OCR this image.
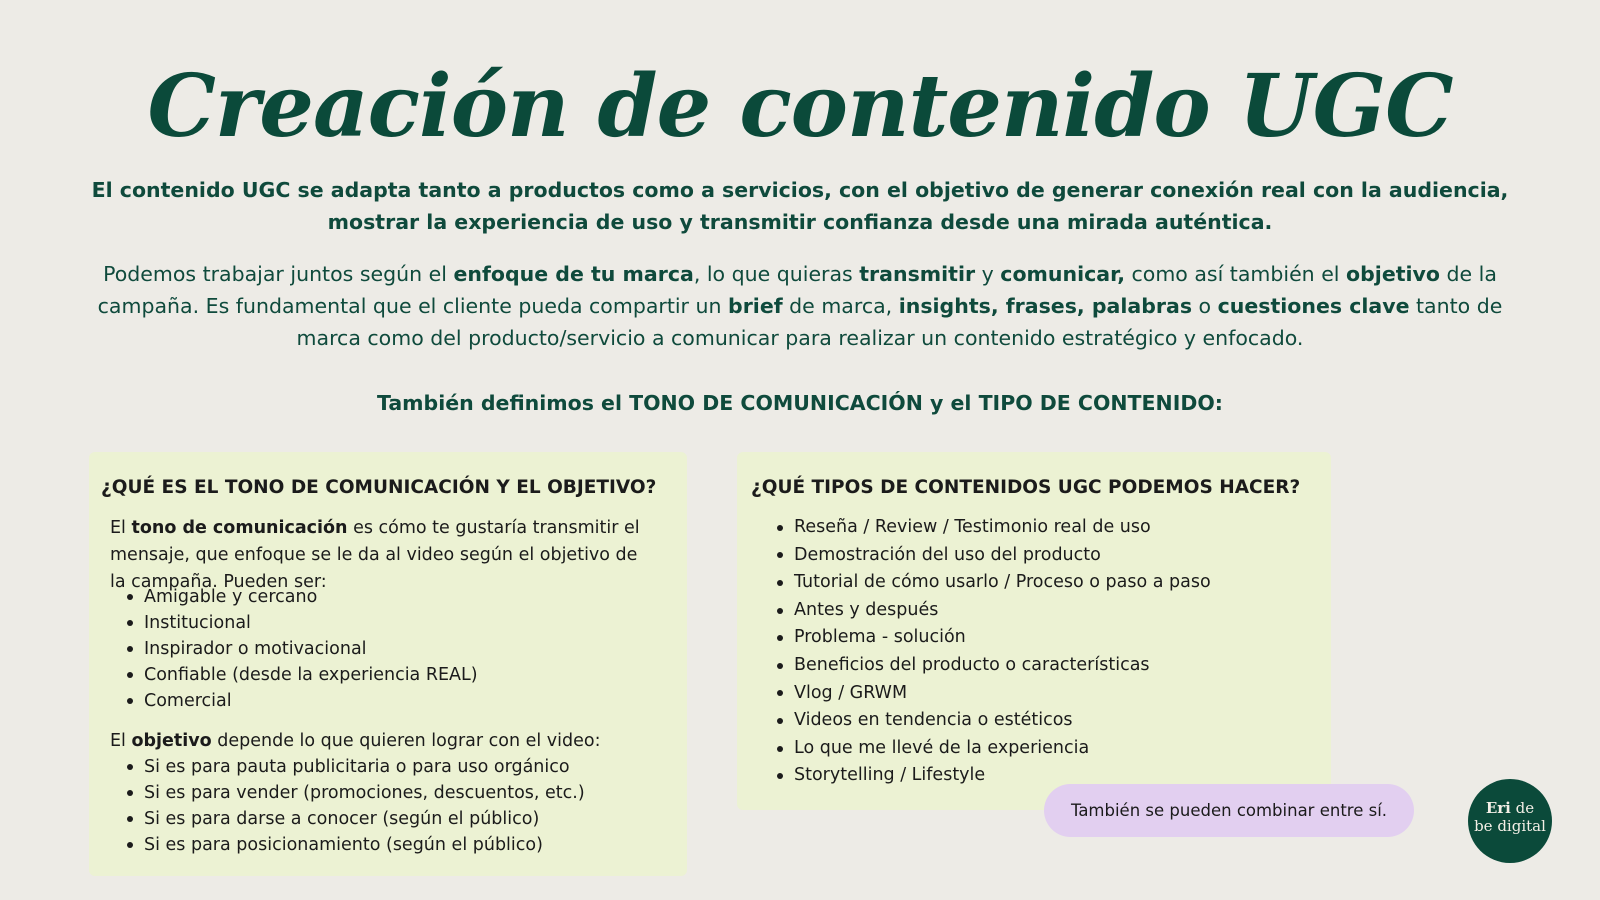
Creación de contenido UGC

El contenido UGC se adapta tanto a productos como a servicios, con el objetivo de generar conexión real con la audiencia,
mostrar la experiencia de uso y transmitir confianza desde una mirada auténtica.

Podemos trabajar juntos según el enfoque de tu marca, lo que quieras transmitir y comunicar, como así también el objetivo de la campaña. Es fundamental que el cliente pueda compartir un brief de marca, insights, frases, palabras o cuestiones clave tanto de marca como del producto/servicio a comunicar para realizar un contenido estratégico y enfocado.

También definimos el TONO DE COMUNICACIÓN y el TIPO DE CONTENIDO:
¿QUÉ ES EL TONO DE COMUNICACIÓN Y EL OBJETIVO?

El tono de comunicación es cómo te gustaría transmitir el mensaje, que enfoque se le da al video según el objetivo de la campaña. Pueden ser:

Amigable y cercano
Institucional
Inspirador o motivacional
Confiable (desde la experiencia REAL)
Comercial

El objetivo depende lo que quieren lograr con el video:

Si es para pauta publicitaria o para uso orgánico
Si es para vender (promociones, descuentos, etc.)
Si es para darse a conocer (según el público)
Si es para posicionamiento (según el público)
¿QUÉ TIPOS DE CONTENIDOS UGC PODEMOS HACER?
Reseña / Review / Testimonio real de uso
Demostración del uso del producto
Tutorial de cómo usarlo / Proceso o paso a paso
Antes y después
Problema - solución
Beneficios del producto o características
Vlog / GRWM
Videos en tendencia o estéticos
Lo que me llevé de la experiencia
Storytelling / Lifestyle
También se pueden combinar entre sí.	Eri de
be digital
